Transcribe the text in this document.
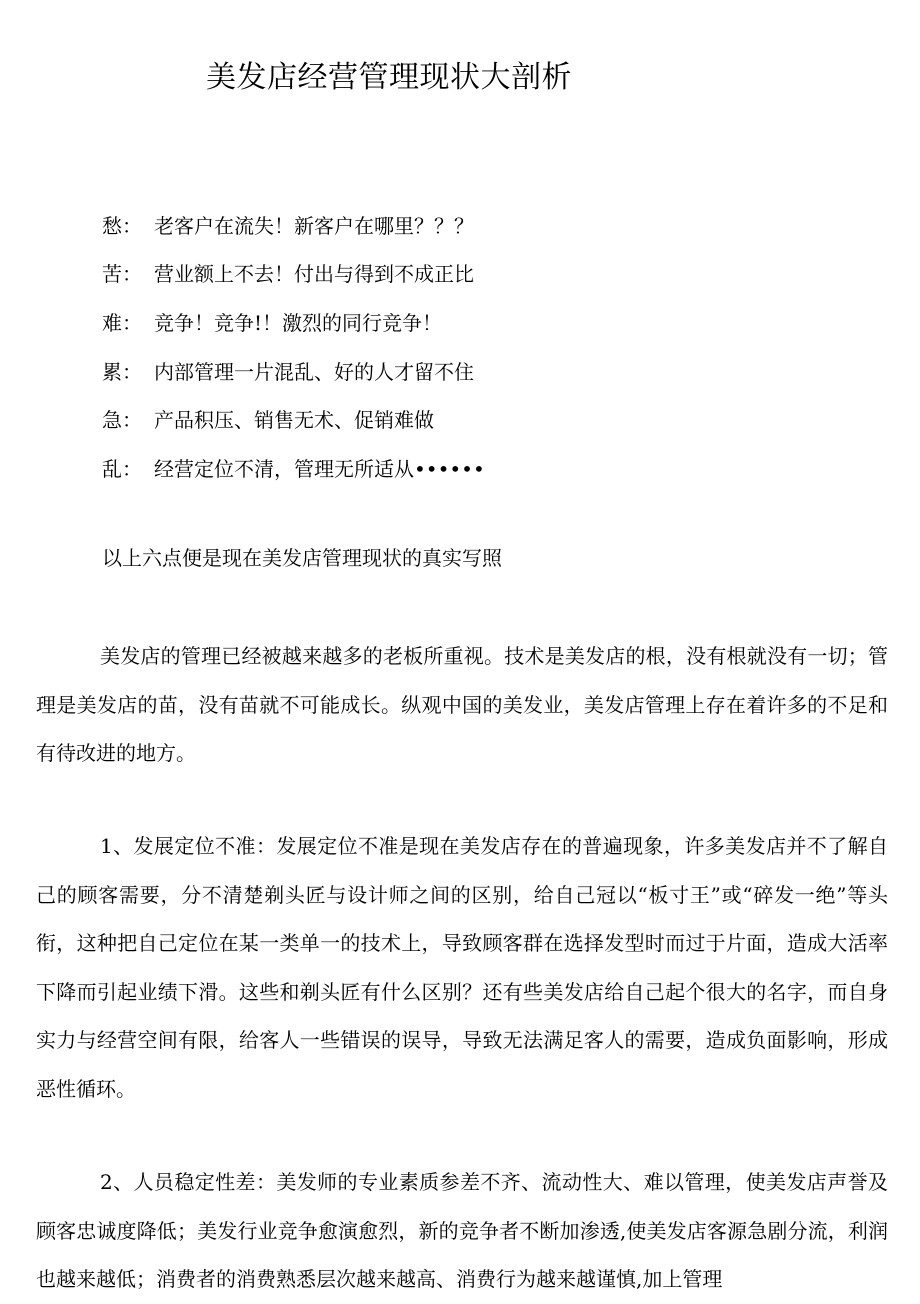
美发店经营管理现状大剖析
愁： 老客户在流失！新客户在哪里？？？
苦： 营业额上不去！付出与得到不成正比
难： 竞争！竞争!！激烈的同行竞争！
累： 内部管理一片混乱、好的人才留不住
急： 产品积压、销售无术、促销难做
乱： 经营定位不清，管理无所适从••••••
以上六点便是现在美发店管理现状的真实写照

美发店的管理已经被越来越多的老板所重视。技术是美发店的根，没有根就没有一切；管理是美发店的苗，没有苗就不可能成长。纵观中国的美发业，美发店管理上存在着许多的不足和有待改进的地方。

1、发展定位不准：发展定位不准是现在美发店存在的普遍现象，许多美发店并不了解自己的顾客需要，分不清楚剃头匠与设计师之间的区别，给自己冠以“板寸王”或“碎发一绝”等头衔，这种把自己定位在某一类单一的技术上，导致顾客群在选择发型时而过于片面，造成大活率下降而引起业绩下滑。这些和剃头匠有什么区别？还有些美发店给自己起个很大的名字，而自身实力与经营空间有限，给客人一些错误的误导，导致无法满足客人的需要，造成负面影响，形成恶性循环。

2、人员稳定性差：美发师的专业素质参差不齐、流动性大、难以管理，使美发店声誉及顾客忠诚度降低；美发行业竞争愈演愈烈，新的竞争者不断加渗透,使美发店客源急剧分流，利润也越来越低；消费者的消费熟悉层次越来越高、消费行为越来越谨慎,加上管理
